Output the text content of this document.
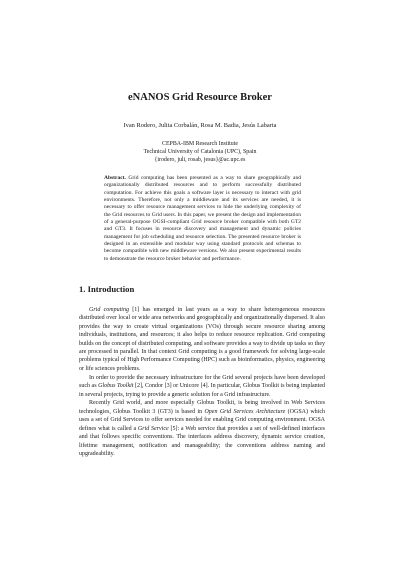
eNANOS Grid Resource Broker

Ivan Rodero, Julita Corbalán, Rosa M. Badia, Jesús Labarta

CEPBA-IBM Research Institute
Technical University of Catalonia (UPC), Spain
{irodero, juli, rosab, jesus}@ac.upc.es

Abstract. Grid computing has been presented as a way to share geographically and organizationally distributed resources and to perform successfully distributed computation. For achieve this goals a software layer is necessary to interact with grid environments. Therefore, not only a middleware and its services are needed, it is necessary to offer resource management services to hide the underlying complexity of the Grid resources to Grid users. In this paper, we present the design and implementation of a general-purpose OGSI-compliant Grid resource broker compatible with both GT2 and GT3. It focuses in resource discovery and management and dynamic policies management for job scheduling and resource selection. The presented resource broker is designed in an extensible and modular way using standard protocols and schemas to become compatible with new middleware versions. We also present experimental results to demonstrate the resource broker behavior and performance.

1. Introduction

Grid computing [1] has emerged in last years as a way to share heterogeneous resources distributed over local or wide area networks and geographically and organizationally dispersed. It also provides the way to create virtual organizations (VOs) through secure resource sharing among individuals, institutions, and resources; it also helps to reduce resource replication. Grid computing builds on the concept of distributed computing, and software provides a way to divide up tasks so they are processed in parallel. In that context Grid computing is a good framework for solving large-scale problems typical of High Performance Computing (HPC) such as bioinformatics, physics, engineering or life sciences problems.

In order to provide the necessary infrastructure for the Grid several projects have been developed such as Globus Toolkit [2], Condor [3] or Unicore [4]. In particular, Globus Toolkit is being implanted in several projects, trying to provide a generic solution for a Grid infrastructure.

Recently Grid world, and more especially Globus Toolkit, is being involved in Web Services technologies, Globus Toolkit 3 (GT3) is based in Open Grid Services Architecture (OGSA) which uses a set of Grid Services to offer services needed for enabling Grid computing environment. OGSA defines what is called a Grid Service [5]: a Web service that provides a set of well-defined interfaces and that follows specific conventions. The interfaces address discovery, dynamic service creation, lifetime management, notification and manageability; the conventions address naming and upgradeability.
